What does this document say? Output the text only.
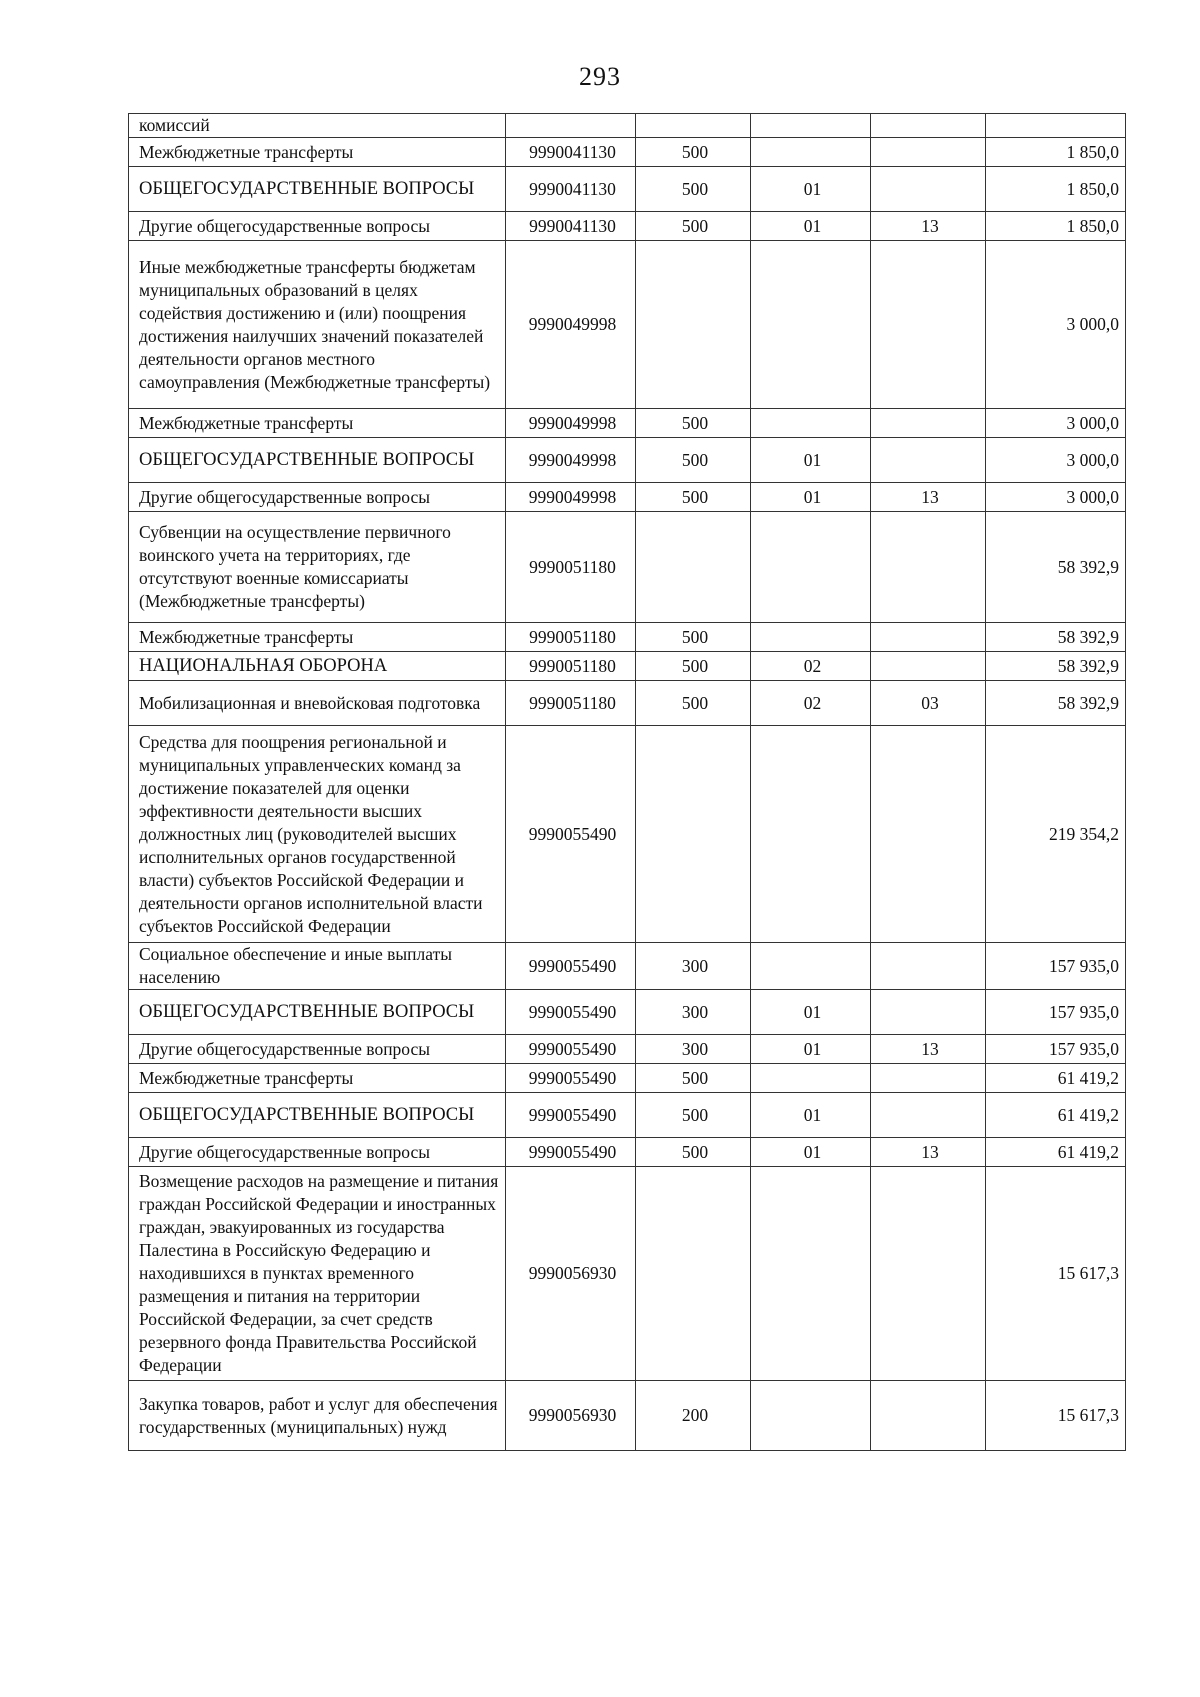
293
комиссий					
Межбюджетные трансферты	9990041130	500			1 850,0
ОБЩЕГОСУДАРСТВЕННЫЕ ВОПРОСЫ	9990041130	500	01		1 850,0
Другие общегосударственные вопросы	9990041130	500	01	13	1 850,0
Иные межбюджетные трансферты бюджетам муниципальных образований в целях содействия достижению и (или) поощрения достижения наилучших значений показателей деятельности органов местного самоуправления (Межбюджетные трансферты)	9990049998				3 000,0
Межбюджетные трансферты	9990049998	500			3 000,0
ОБЩЕГОСУДАРСТВЕННЫЕ ВОПРОСЫ	9990049998	500	01		3 000,0
Другие общегосударственные вопросы	9990049998	500	01	13	3 000,0
Субвенции на осуществление первичного воинского учета на территориях, где отсутствуют военные комиссариаты (Межбюджетные трансферты)	9990051180				58 392,9
Межбюджетные трансферты	9990051180	500			58 392,9
НАЦИОНАЛЬНАЯ ОБОРОНА	9990051180	500	02		58 392,9
Мобилизационная и вневойсковая подготовка	9990051180	500	02	03	58 392,9
Средства для поощрения региональной и муниципальных управленческих команд за достижение показателей для оценки эффективности деятельности высших должностных лиц (руководителей высших исполнительных органов государственной власти) субъектов Российской Федерации и деятельности органов исполнительной власти субъектов Российской Федерации	9990055490				219 354,2
Социальное обеспечение и иные выплаты населению	9990055490	300			157 935,0
ОБЩЕГОСУДАРСТВЕННЫЕ ВОПРОСЫ	9990055490	300	01		157 935,0
Другие общегосударственные вопросы	9990055490	300	01	13	157 935,0
Межбюджетные трансферты	9990055490	500			61 419,2
ОБЩЕГОСУДАРСТВЕННЫЕ ВОПРОСЫ	9990055490	500	01		61 419,2
Другие общегосударственные вопросы	9990055490	500	01	13	61 419,2
Возмещение расходов на размещение и питания граждан Российской Федерации и иностранных граждан, эвакуированных из государства Палестина в Российскую Федерацию и находившихся в пунктах временного размещения и питания на территории Российской Федерации, за счет средств резервного фонда Правительства Российской Федерации	9990056930				15 617,3
Закупка товаров, работ и услуг для обеспечения государственных (муниципальных) нужд	9990056930	200			15 617,3
